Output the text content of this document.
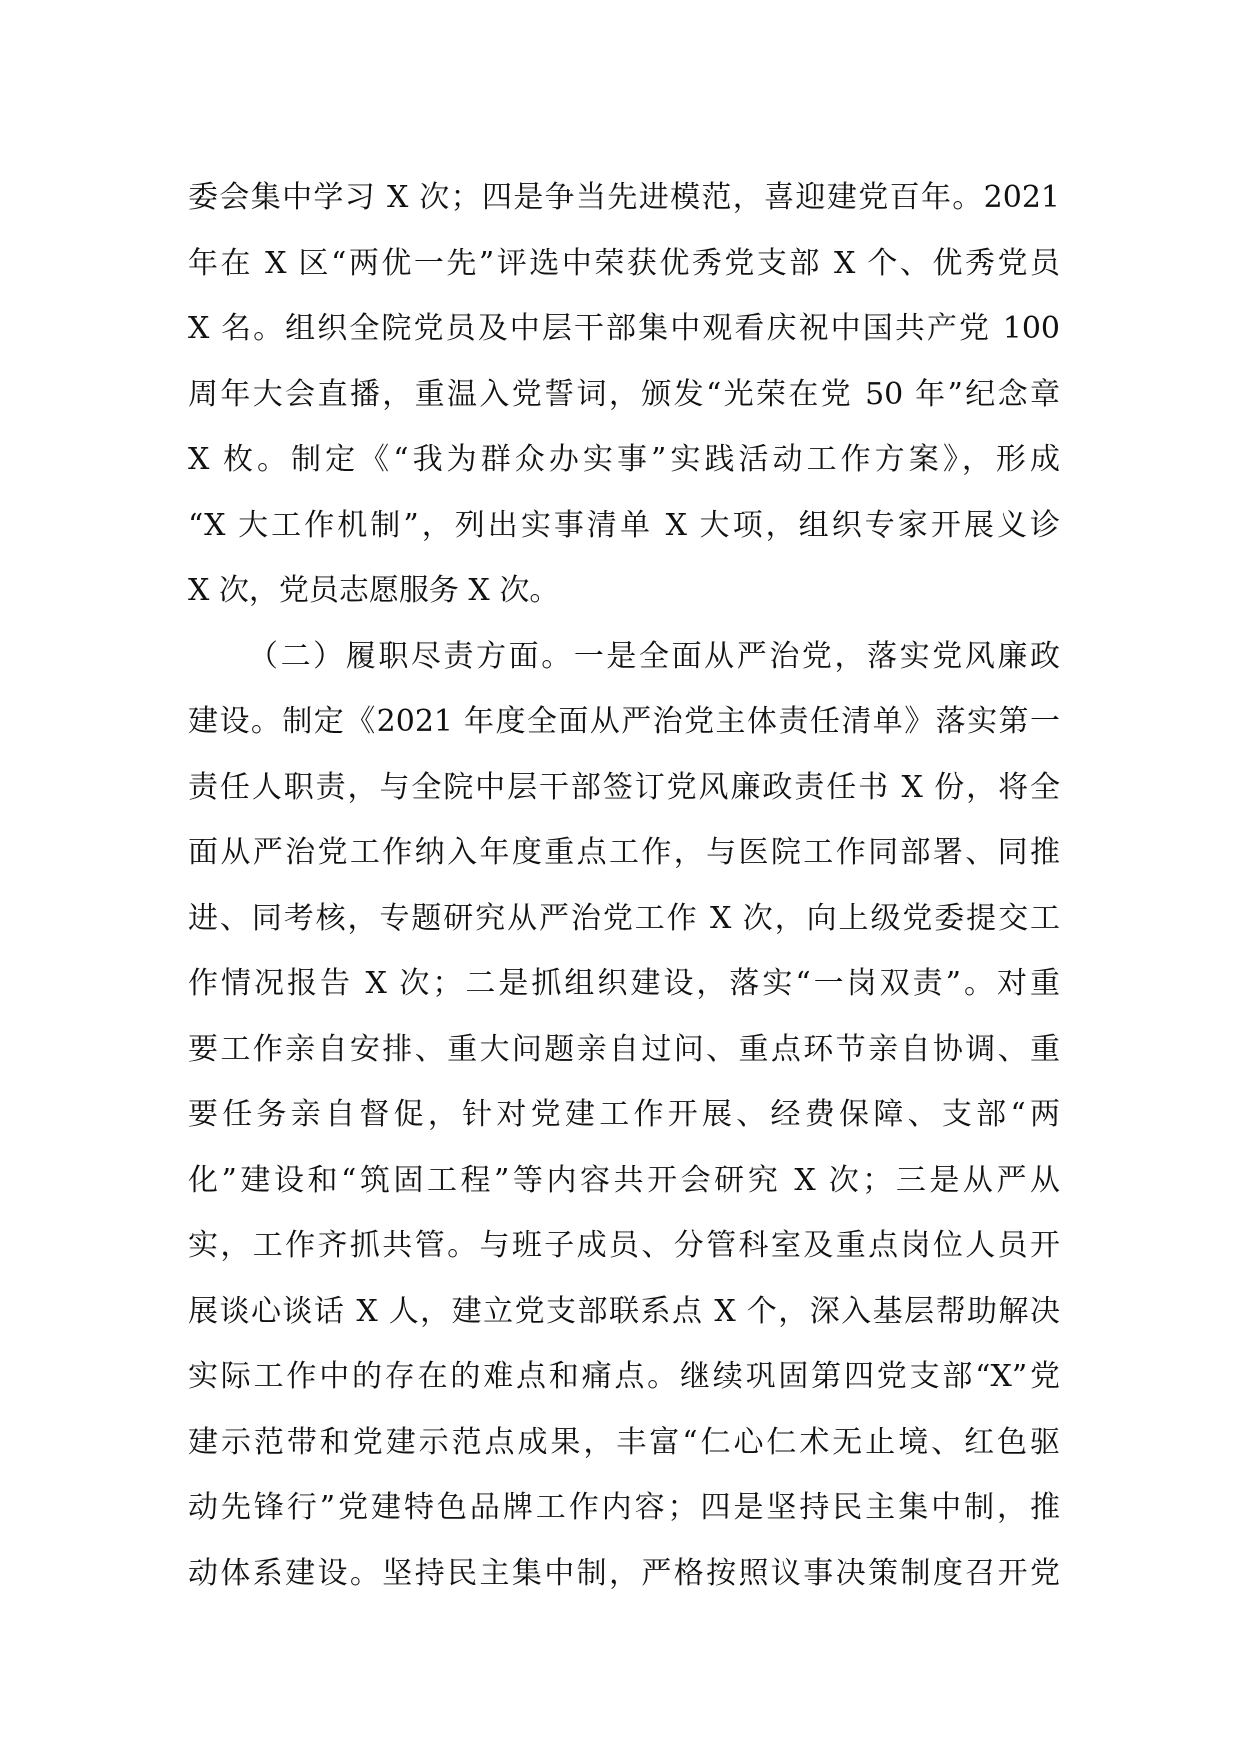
委会集中学习 X 次；四是争当先进模范，喜迎建党百年。2021
年在 X 区“两优一先”评选中荣获优秀党支部 X 个、优秀党员
X 名。组织全院党员及中层干部集中观看庆祝中国共产党 100
周年大会直播，重温入党誓词，颁发“光荣在党 50 年”纪念章
X 枚。制定《“我为群众办实事”实践活动工作方案》，形成
“X 大工作机制”，列出实事清单 X 大项，组织专家开展义诊
X 次，党员志愿服务 X 次。
（二）履职尽责方面。一是全面从严治党，落实党风廉政
建设。制定《2021 年度全面从严治党主体责任清单》落实第一
责任人职责，与全院中层干部签订党风廉政责任书 X 份，将全
面从严治党工作纳入年度重点工作，与医院工作同部署、同推
进、同考核，专题研究从严治党工作 X 次，向上级党委提交工
作情况报告 X 次；二是抓组织建设，落实“一岗双责”。对重
要工作亲自安排、重大问题亲自过问、重点环节亲自协调、重
要任务亲自督促，针对党建工作开展、经费保障、支部“两
化”建设和“筑固工程”等内容共开会研究 X 次；三是从严从
实，工作齐抓共管。与班子成员、分管科室及重点岗位人员开
展谈心谈话 X 人，建立党支部联系点 X 个，深入基层帮助解决
实际工作中的存在的难点和痛点。继续巩固第四党支部“X”党
建示范带和党建示范点成果，丰富“仁心仁术无止境、红色驱
动先锋行”党建特色品牌工作内容；四是坚持民主集中制，推
动体系建设。坚持民主集中制，严格按照议事决策制度召开党
